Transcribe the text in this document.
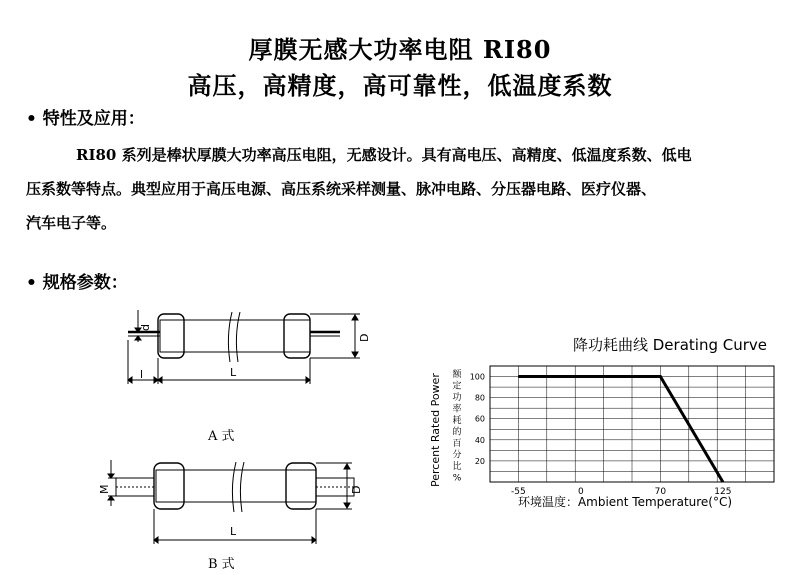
厚膜无感大功率电阻 RI80
高压，高精度，高可靠性，低温度系数
• 特性及应用：
RI80 系列是棒状厚膜大功率高压电阻，无感设计。具有高电压、高精度、低温度系数、低电
压系数等特点。典型应用于高压电源、高压系统采样测量、脉冲电路、分压器电路、医疗仪器、
汽车电子等。
• 规格参数：
d
D
l	L
A 式
M	D
L
B 式
降功耗曲线 Derating Curve
100
80
60
40
20
-55	0	70	125
环境温度：Ambient Temperature(°C)
Percent Rated Power 额
定
功
率
耗
的
百
分
比
%
